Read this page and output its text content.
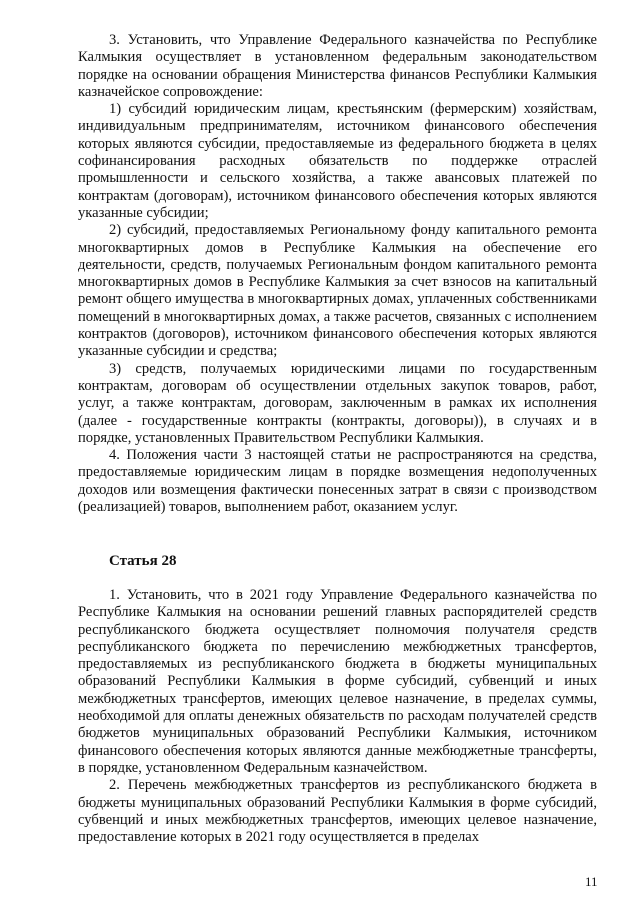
3. Установить, что Управление Федерального казначейства по Республике Калмыкия осуществляет в установленном федеральным законодательством порядке на основании обращения Министерства финансов Республики Калмыкия казначейское сопровождение:

1) субсидий юридическим лицам, крестьянским (фермерским) хозяйствам, индивидуальным предпринимателям, источником финансового обеспечения которых являются субсидии, предоставляемые из федерального бюджета в целях софинансирования расходных обязательств по поддержке отраслей промышленности и сельского хозяйства, а также авансовых платежей по контрактам (договорам), источником финансового обеспечения которых являются указанные субсидии;

2) субсидий, предоставляемых Региональному фонду капитального ремонта многоквартирных домов в Республике Калмыкия на обеспечение его деятельности, средств, получаемых Региональным фондом капитального ремонта многоквартирных домов в Республике Калмыкия за счет взносов на капитальный ремонт общего имущества в многоквартирных домах, уплаченных собственниками помещений в многоквартирных домах, а также расчетов, связанных с исполнением контрактов (договоров), источником финансового обеспечения которых являются указанные субсидии и средства;

3) средств, получаемых юридическими лицами по государственным контрактам, договорам об осуществлении отдельных закупок товаров, работ, услуг, а также контрактам, договорам, заключенным в рамках их исполнения (далее - государственные контракты (контракты, договоры)), в случаях и в порядке, установленных Правительством Республики Калмыкия.

4. Положения части 3 настоящей статьи не распространяются на средства, предоставляемые юридическим лицам в порядке возмещения недополученных доходов или возмещения фактически понесенных затрат в связи с производством (реализацией) товаров, выполнением работ, оказанием услуг.

Статья 28

1. Установить, что в 2021 году Управление Федерального казначейства по Республике Калмыкия на основании решений главных распорядителей средств республиканского бюджета осуществляет полномочия получателя средств республиканского бюджета по перечислению межбюджетных трансфертов, предоставляемых из республиканского бюджета в бюджеты муниципальных образований Республики Калмыкия в форме субсидий, субвенций и иных межбюджетных трансфертов, имеющих целевое назначение, в пределах суммы, необходимой для оплаты денежных обязательств по расходам получателей средств бюджетов муниципальных образований Республики Калмыкия, источником финансового обеспечения которых являются данные межбюджетные трансферты, в порядке, установленном Федеральным казначейством.

2. Перечень межбюджетных трансфертов из республиканского бюджета в бюджеты муниципальных образований Республики Калмыкия в форме субсидий, субвенций и иных межбюджетных трансфертов, имеющих целевое назначение, предоставление которых в 2021 году осуществляется в пределах

11
